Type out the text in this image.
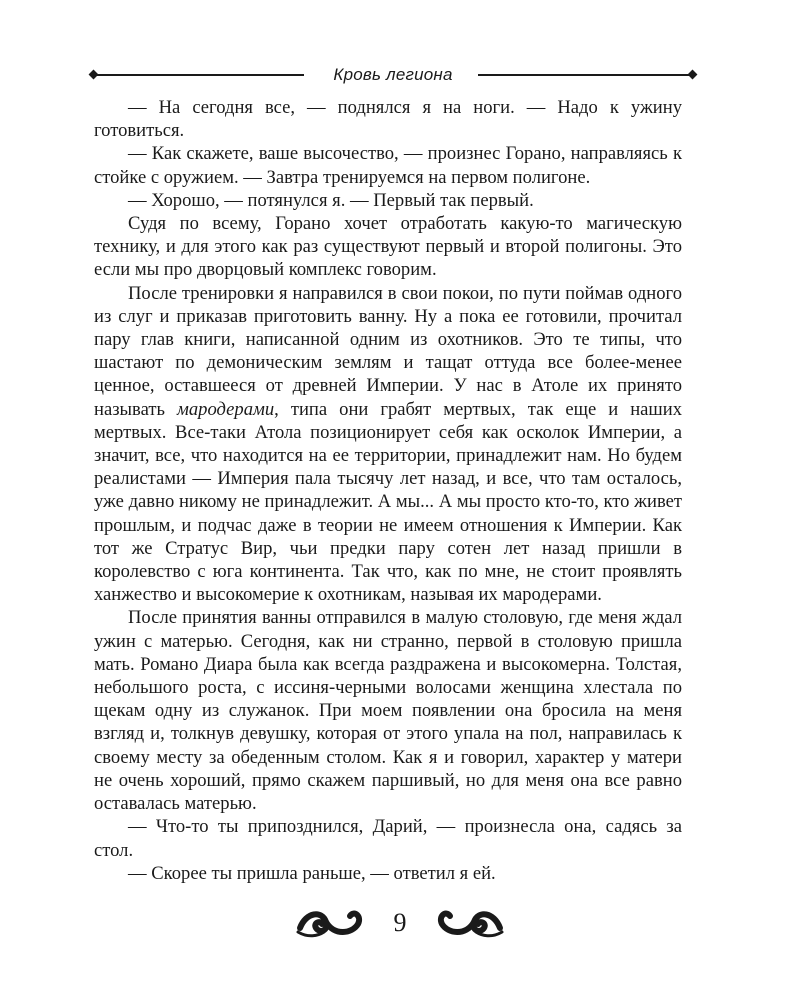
Кровь легиона

— На сегодня все, — поднялся я на ноги. — Надо к ужину готовиться.

— Как скажете, ваше высочество, — произнес Горано, направляясь к стойке с оружием. — Завтра тренируемся на первом полигоне.

— Хорошо, — потянулся я. — Первый так первый.

Судя по всему, Горано хочет отработать какую-то магическую технику, и для этого как раз существуют первый и второй полигоны. Это если мы про дворцовый комплекс говорим.

После тренировки я направился в свои покои, по пути поймав одного из слуг и приказав приготовить ванну. Ну а пока ее готовили, прочитал пару глав книги, написанной одним из охотников. Это те типы, что шастают по демоническим землям и тащат оттуда все более-менее ценное, оставшееся от древней Империи. У нас в Атоле их принято называть мародерами, типа они грабят мертвых, так еще и наших мертвых. Все-таки Атола позиционирует себя как осколок Империи, а значит, все, что находится на ее территории, принадлежит нам. Но будем реалистами — Империя пала тысячу лет назад, и все, что там осталось, уже давно никому не принадлежит. А мы... А мы просто кто-то, кто живет прошлым, и подчас даже в теории не имеем отношения к Империи. Как тот же Стратус Вир, чьи предки пару сотен лет назад пришли в королевство с юга континента. Так что, как по мне, не стоит проявлять ханжество и высокомерие к охотникам, называя их мародерами.

После принятия ванны отправился в малую столовую, где меня ждал ужин с матерью. Сегодня, как ни странно, первой в столовую пришла мать. Романо Диара была как всегда раздражена и высокомерна. Толстая, небольшого роста, с иссиня-черными волосами женщина хлестала по щекам одну из служанок. При моем появлении она бросила на меня взгляд и, толкнув девушку, которая от этого упала на пол, направилась к своему месту за обеденным столом. Как я и говорил, характер у матери не очень хороший, прямо скажем паршивый, но для меня она все равно оставалась матерью.

— Что-то ты припозднился, Дарий, — произнесла она, садясь за стол.

— Скорее ты пришла раньше, — ответил я ей.

9
